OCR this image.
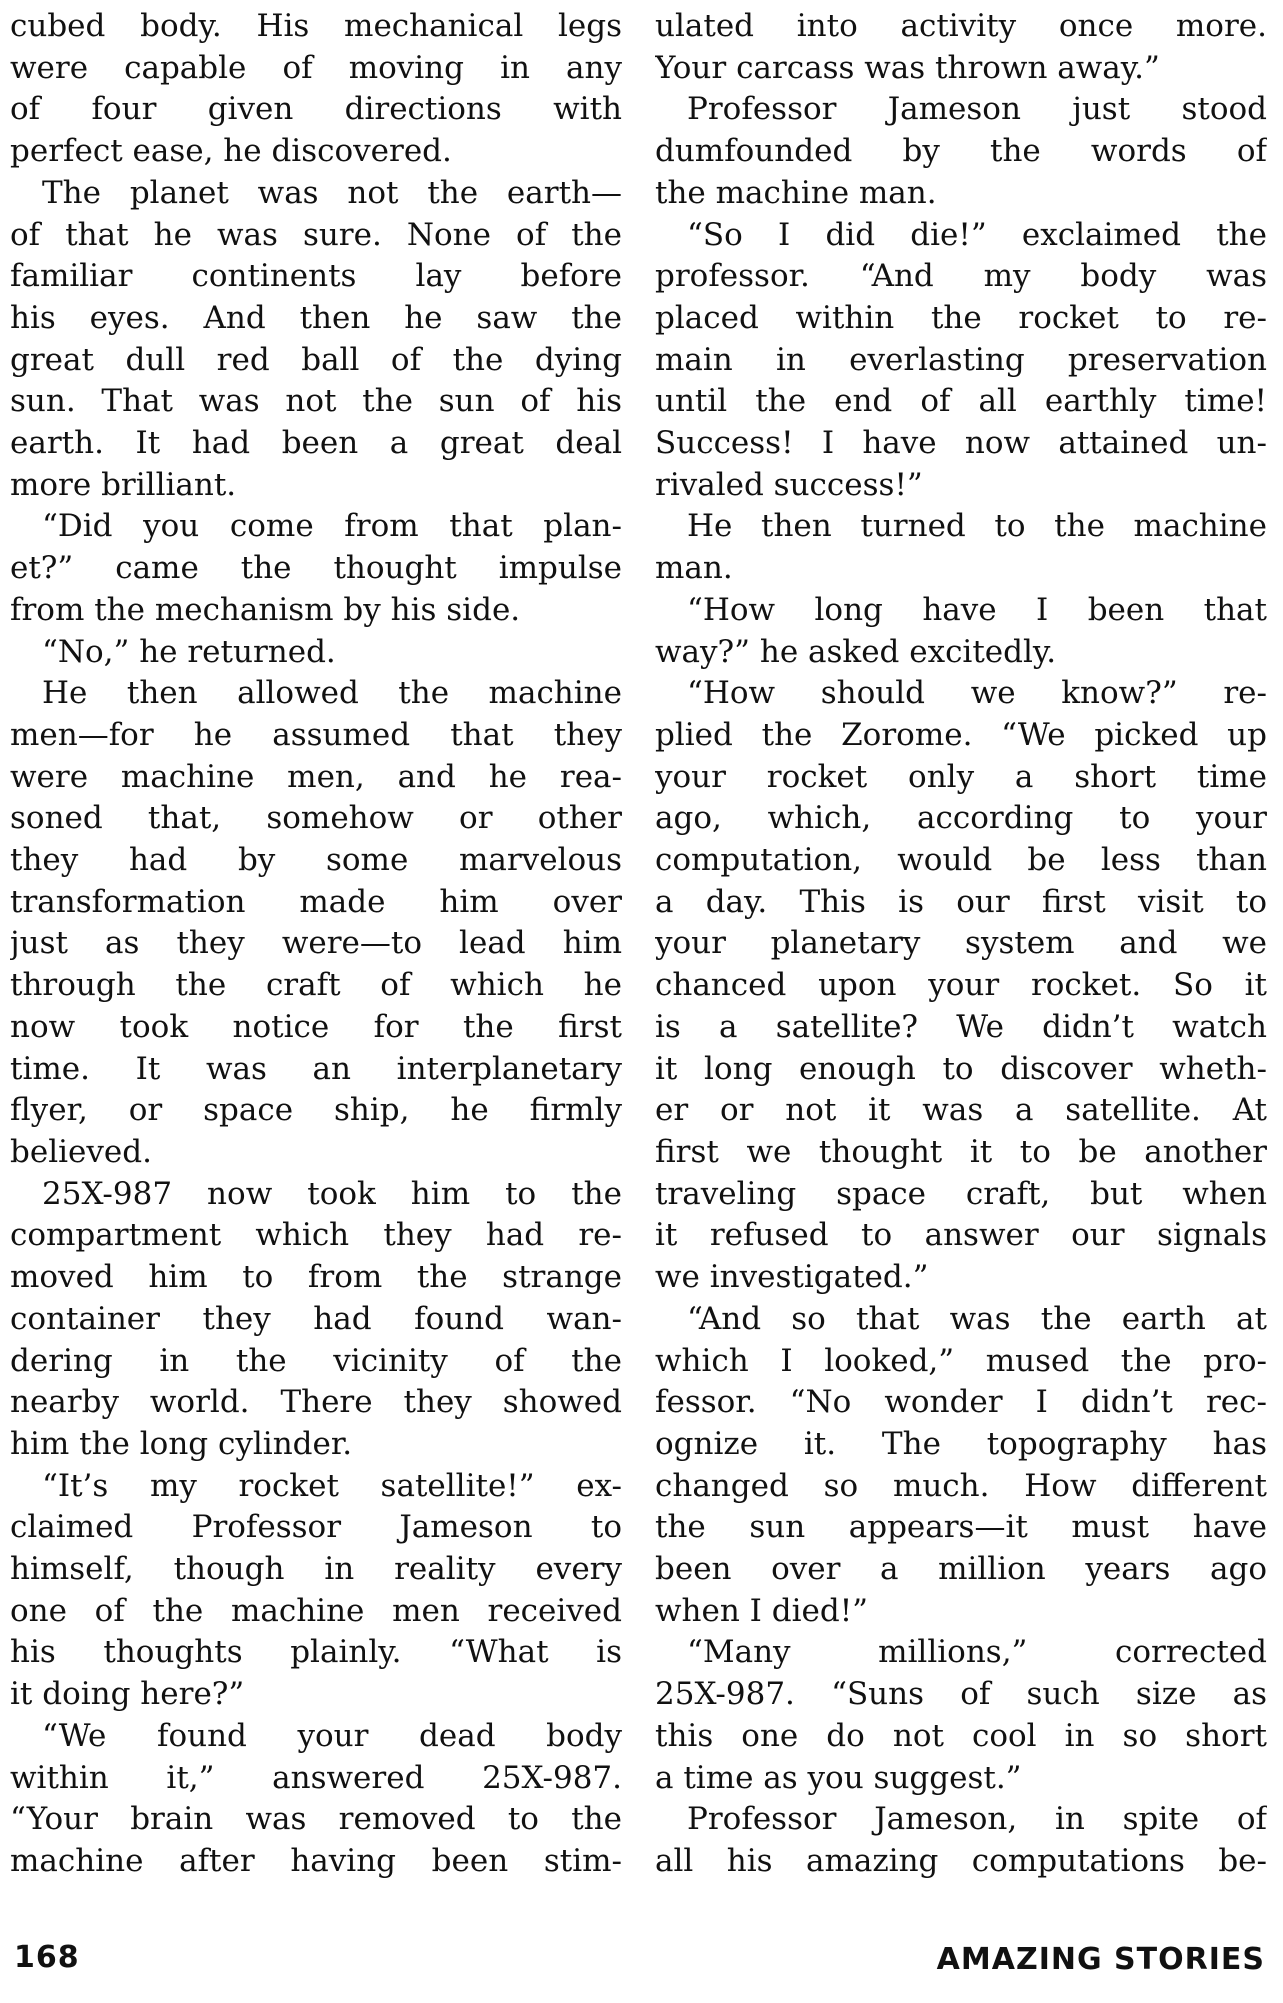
cubed body. His mechanical legs
were capable of moving in any
of four given directions with
perfect ease, he discovered.
The planet was not the earth—
of that he was sure. None of the
familiar continents lay before
his eyes. And then he saw the
great dull red ball of the dying
sun. That was not the sun of his
earth. It had been a great deal
more brilliant.
“Did you come from that plan-
et?” came the thought impulse
from the mechanism by his side.
“No,” he returned.
He then allowed the machine
men—for he assumed that they
were machine men, and he rea-
soned that, somehow or other
they had by some marvelous
transformation made him over
just as they were—to lead him
through the craft of which he
now took notice for the first
time. It was an interplanetary
flyer, or space ship, he firmly
believed.
25X-987 now took him to the
compartment which they had re-
moved him to from the strange
container they had found wan-
dering in the vicinity of the
nearby world. There they showed
him the long cylinder.
“It’s my rocket satellite!” ex-
claimed Professor Jameson to
himself, though in reality every
one of the machine men received
his thoughts plainly. “What is
it doing here?”
“We found your dead body
within it,” answered 25X-987.
“Your brain was removed to the
machine after having been stim-
ulated into activity once more.
Your carcass was thrown away.”
Professor Jameson just stood
dumfounded by the words of
the machine man.
“So I did die!” exclaimed the
professor. “And my body was
placed within the rocket to re-
main in everlasting preservation
until the end of all earthly time!
Success! I have now attained un-
rivaled success!”
He then turned to the machine
man.
“How long have I been that
way?” he asked excitedly.
“How should we know?” re-
plied the Zorome. “We picked up
your rocket only a short time
ago, which, according to your
computation, would be less than
a day. This is our first visit to
your planetary system and we
chanced upon your rocket. So it
is a satellite? We didn’t watch
it long enough to discover wheth-
er or not it was a satellite. At
first we thought it to be another
traveling space craft, but when
it refused to answer our signals
we investigated.”
“And so that was the earth at
which I looked,” mused the pro-
fessor. “No wonder I didn’t rec-
ognize it. The topography has
changed so much. How different
the sun appears—it must have
been over a million years ago
when I died!”
“Many millions,” corrected
25X-987. “Suns of such size as
this one do not cool in so short
a time as you suggest.”
Professor Jameson, in spite of
all his amazing computations be-
168	AMAZING STORIES
